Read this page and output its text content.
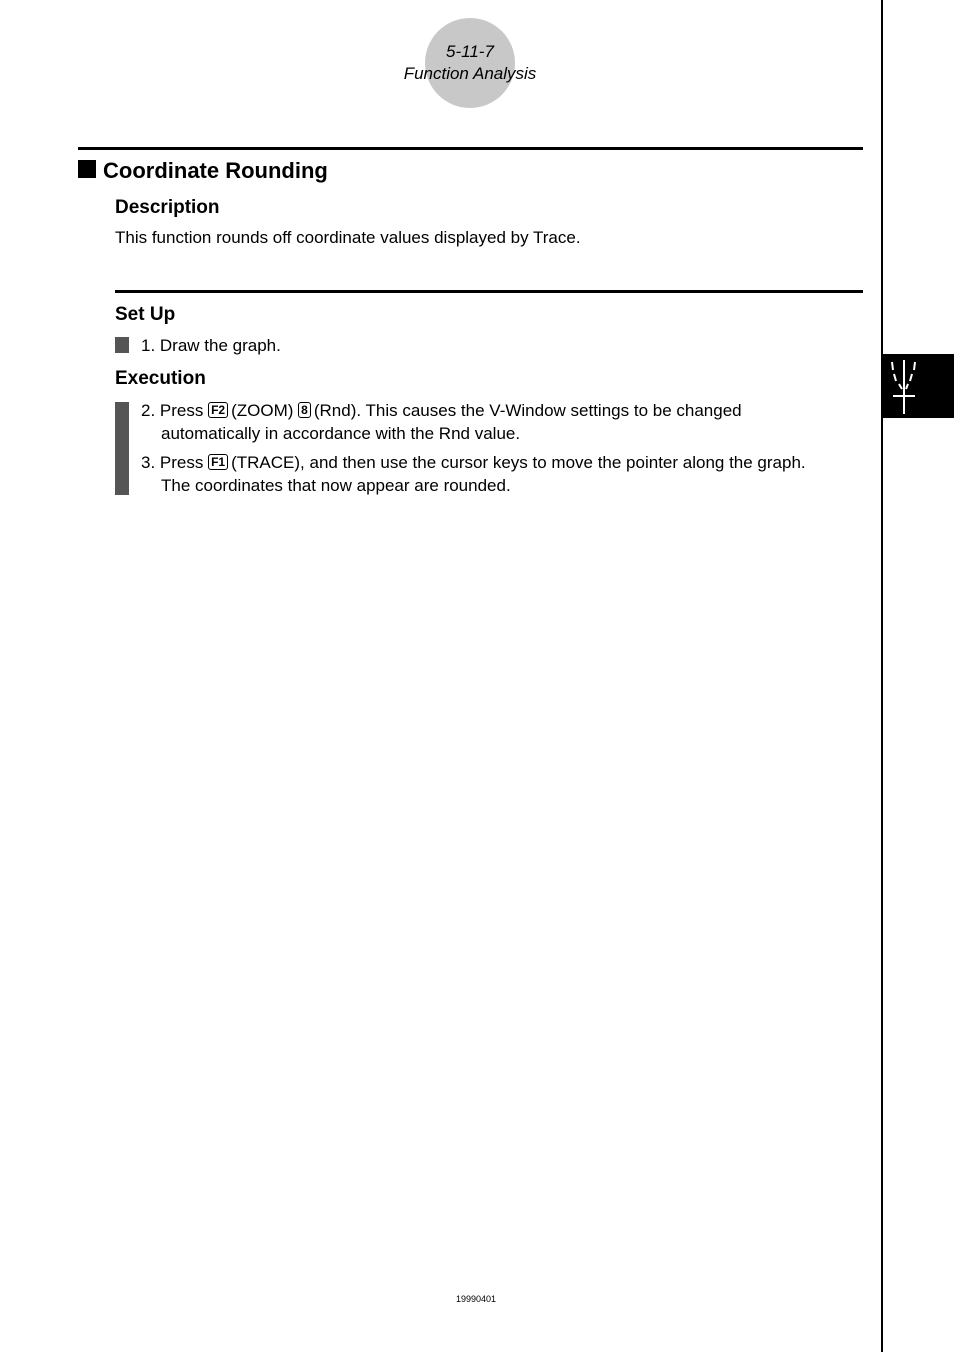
5-11-7
Function Analysis
Coordinate Rounding
Description
This function rounds off coordinate values displayed by Trace.
Set Up
1. Draw the graph.
Execution
2. Press F2 (ZOOM) 8 (Rnd). This causes the V-Window settings to be changed
automatically in accordance with the Rnd value.
3. Press F1 (TRACE), and then use the cursor keys to move the pointer along the graph.
The coordinates that now appear are rounded.
19990401
